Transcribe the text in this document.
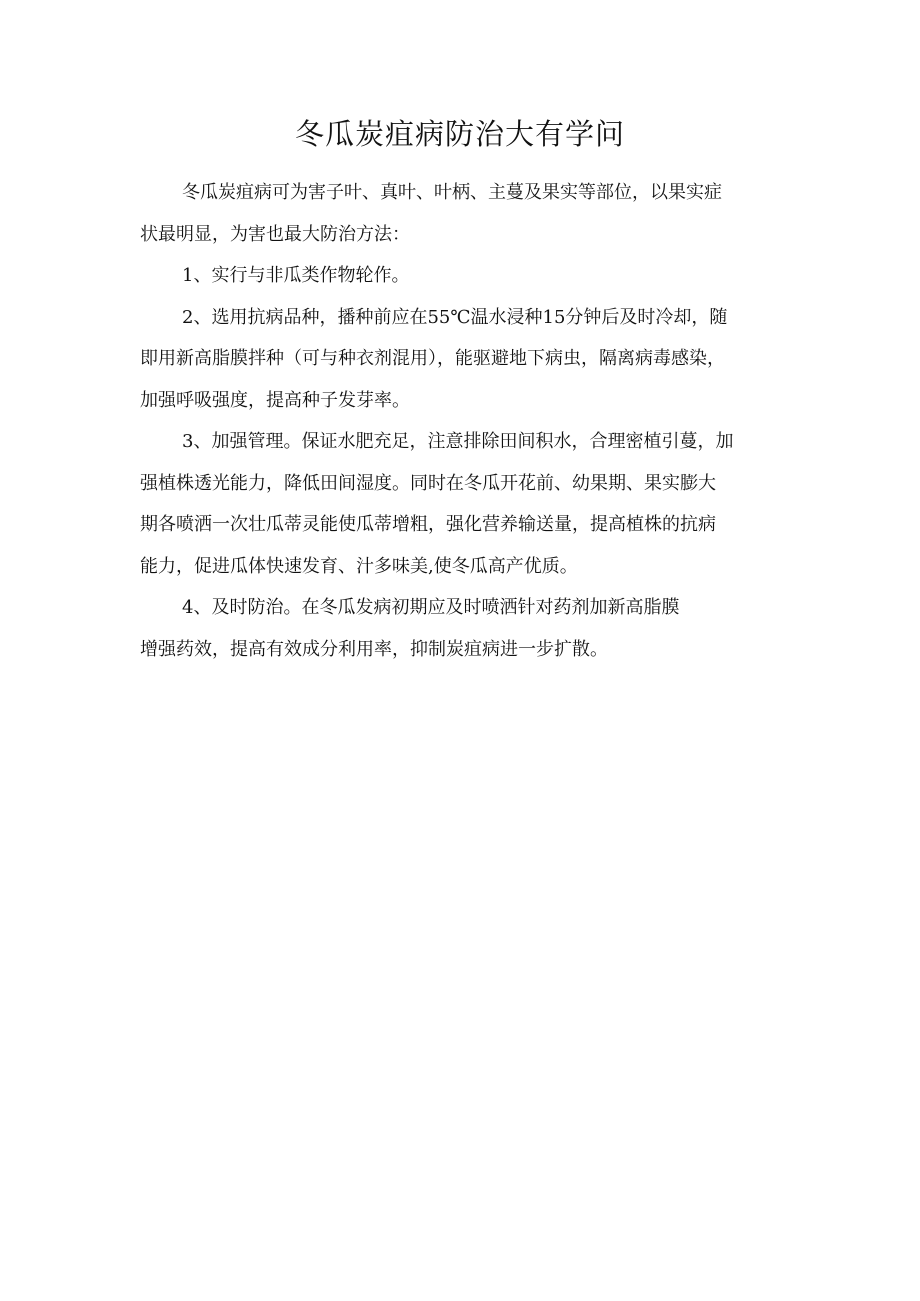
冬瓜炭疽病防治大有学问

冬瓜炭疽病可为害子叶、真叶、叶柄、主蔓及果实等部位，以果实症
状最明显，为害也最大防治方法：

1、实行与非瓜类作物轮作。

2、选用抗病品种，播种前应在55℃温水浸种15分钟后及时冷却，随
即用新高脂膜拌种（可与种衣剂混用），能驱避地下病虫，隔离病毒感染，
加强呼吸强度，提高种子发芽率。

3、加强管理。保证水肥充足，注意排除田间积水，合理密植引蔓，加
强植株透光能力，降低田间湿度。同时在冬瓜开花前、幼果期、果实膨大
期各喷洒一次壮瓜蒂灵能使瓜蒂增粗，强化营养输送量，提高植株的抗病
能力，促进瓜体快速发育、汁多味美,使冬瓜高产优质。

4、及时防治。在冬瓜发病初期应及时喷洒针对药剂加新高脂膜
增强药效，提高有效成分利用率，抑制炭疽病进一步扩散。
